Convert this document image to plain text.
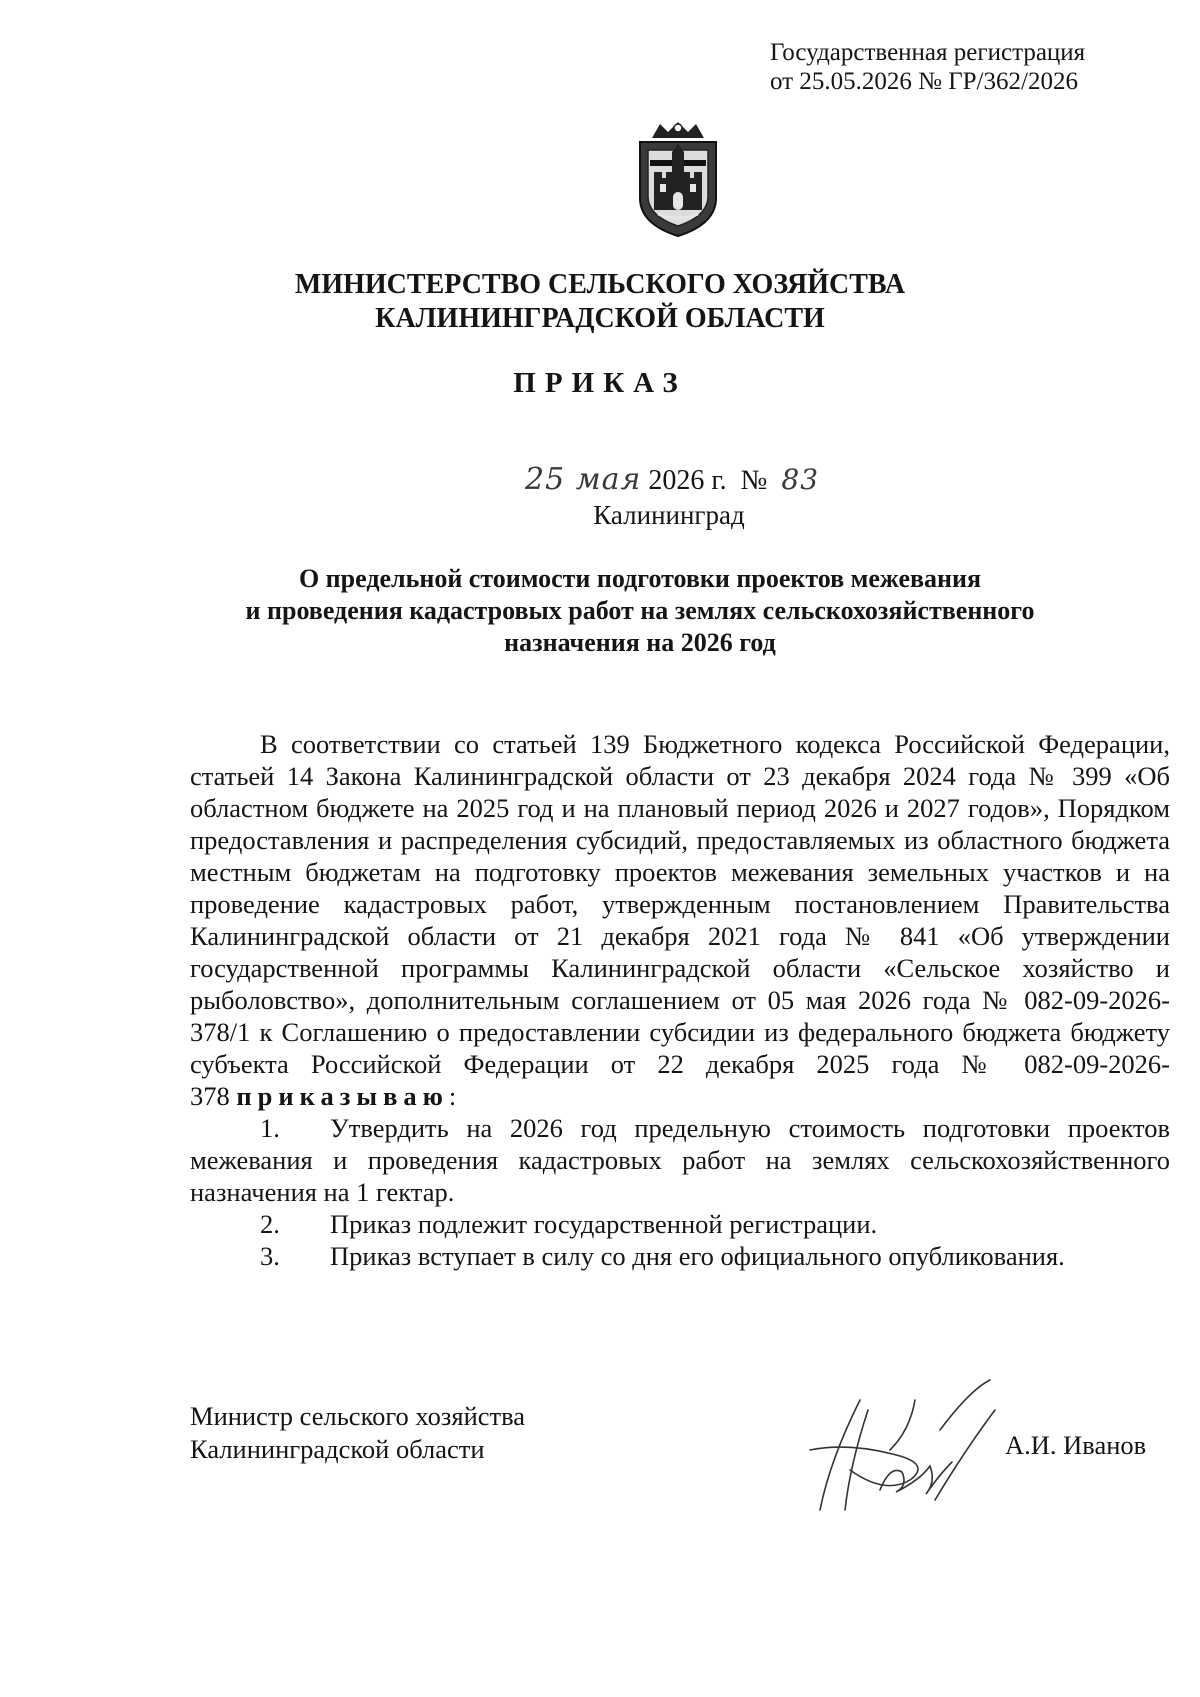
Государственная регистрация
от 25.05.2026 № ГР/362/2026
МИНИСТЕРСТВО СЕЛЬСКОГО ХОЗЯЙСТВА
КАЛИНИНГРАДСКОЙ ОБЛАСТИ
ПРИКАЗ
25 мая 2026 г. № 83
Калининград
О предельной стоимости подготовки проектов межевания
и проведения кадастровых работ на землях сельскохозяйственного
назначения на 2026 год

В соответствии со статьей 139 Бюджетного кодекса Российской Федерации, статьей 14 Закона Калининградской области от 23 декабря 2024 года № 399 «Об областном бюджете на 2025 год и на плановый период 2026 и 2027 годов», Порядком предоставления и распределения субсидий, предоставляемых из областного бюджета местным бюджетам на подготовку проектов межевания земельных участков и на проведение кадастровых работ, утвержденным постановлением Правительства Калининградской области от 21 декабря 2021 года № 841 «Об утверждении государственной программы Калининградской области «Сельское хозяйство и рыболовство», дополнительным соглашением от 05 мая 2026 года № 082-09-2026-378/1 к Соглашению о предоставлении субсидии из федерального бюджета бюджету субъекта Российской Федерации от 22 декабря 2025 года № 082-09-2026-378 приказываю:

1. Утвердить на 2026 год предельную стоимость подготовки проектов межевания и проведения кадастровых работ на землях сельскохозяйственного назначения на 1 гектар.

2. Приказ подлежит государственной регистрации.

3. Приказ вступает в силу со дня его официального опубликования.

Министр сельского хозяйства
Калининградской области	А.И. Иванов
